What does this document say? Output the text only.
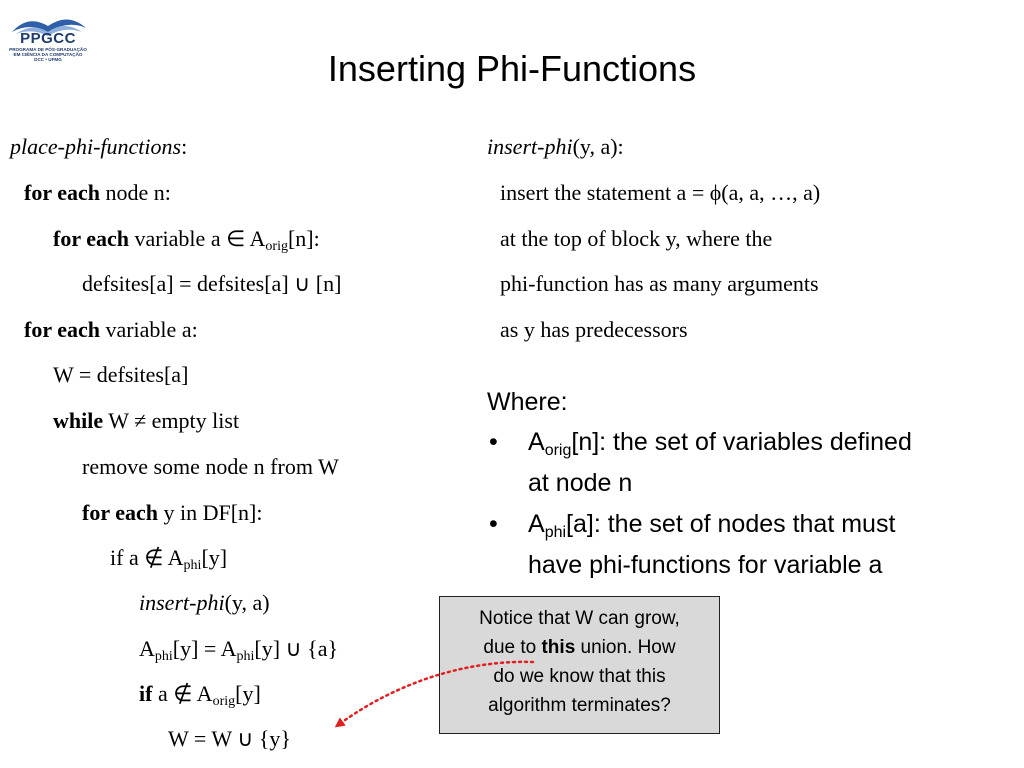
PPGCC
PROGRAMA DE PÓS-GRADUAÇÃO
EM CIÊNCIA DA COMPUTAÇÃO
DCC • UFMG	Inserting Phi-Functions
place-phi-functions:
for each node n:
for each variable a ∈ $A_{orig}[n]$:
defsites[a] = defsites[a] ∪ [n]
for each variable a:
W = defsites[a]
while W ≠ empty list
remove some node n from W
for each y in DF[n]:
if a ∉ $A_{phi}[y]$
insert-phi(y, a)
$A_{phi}[y] = A_{phi}[y]$ ∪ {a}
if a ∉ $A_{orig}[y]$
W = W ∪ {y}
insert-phi(y, a):
insert the statement a = ϕ(a, a, …, a)
at the top of block y, where the
phi-function has as many arguments
as y has predecessors
Where:
• $A_{orig}[n]$: the set of variables defined
at node n
• $A_{phi}[a]$: the set of nodes that must
have phi-functions for variable a
Notice that W can grow,
due to this union. How
do we know that this
algorithm terminates?
